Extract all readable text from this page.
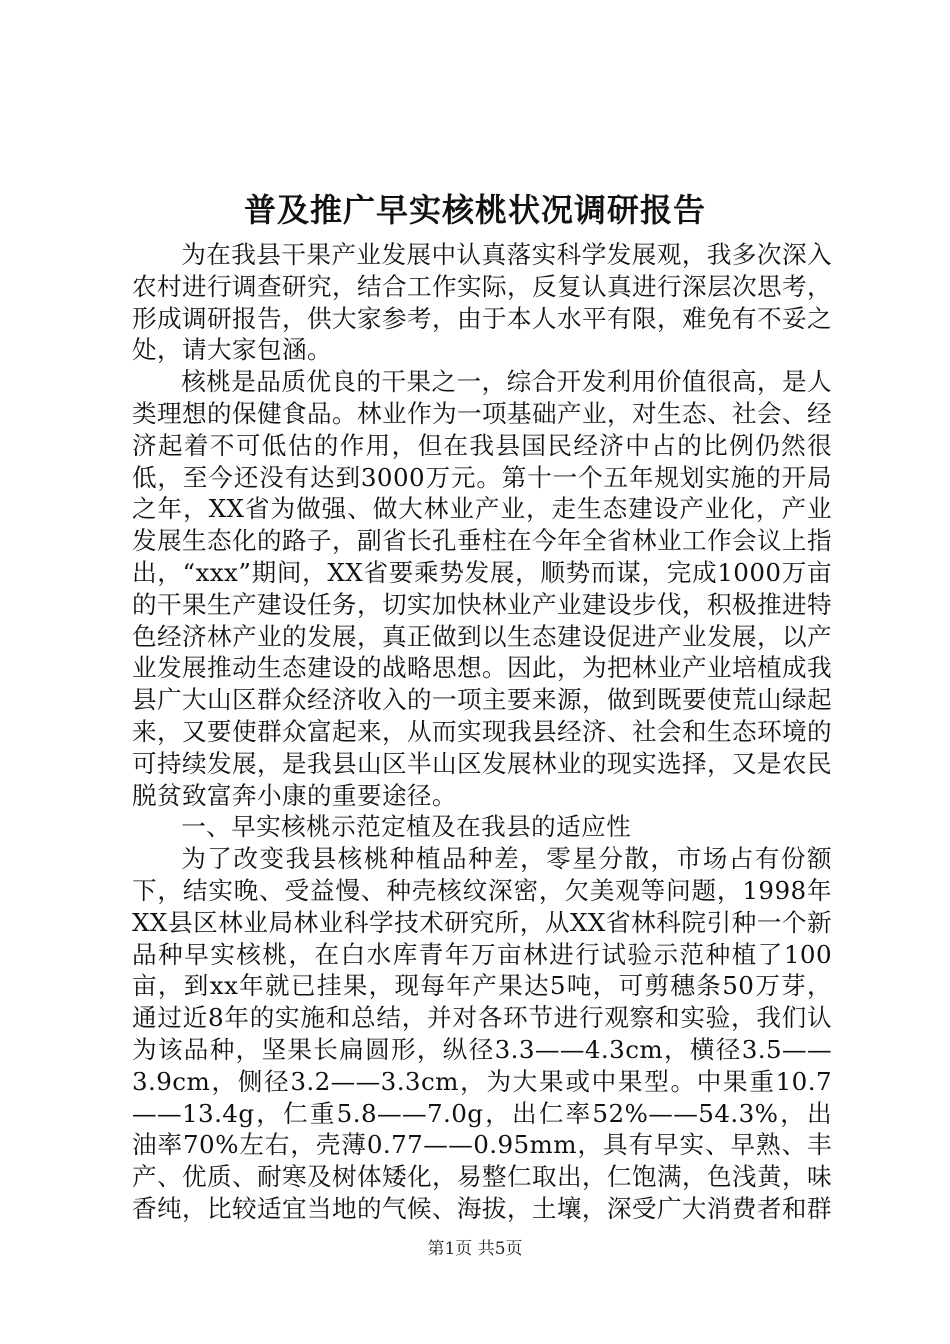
普及推广早实核桃状况调研报告

为在我县干果产业发展中认真落实科学发展观，我多次深入农村进行调查研究，结合工作实际，反复认真进行深层次思考，形成调研报告，供大家参考，由于本人水平有限，难免有不妥之处，请大家包涵。

核桃是品质优良的干果之一，综合开发利用价值很高，是人类理想的保健食品。林业作为一项基础产业，对生态、社会、经济起着不可低估的作用，但在我县国民经济中占的比例仍然很低，至今还没有达到3000万元。第十一个五年规划实施的开局之年，XX省为做强、做大林业产业，走生态建设产业化，产业发展生态化的路子，副省长孔垂柱在今年全省林业工作会议上指出，“xxx”期间，XX省要乘势发展，顺势而谋，完成1000万亩的干果生产建设任务，切实加快林业产业建设步伐，积极推进特色经济林产业的发展，真正做到以生态建设促进产业发展，以产业发展推动生态建设的战略思想。因此，为把林业产业培植成我县广大山区群众经济收入的一项主要来源，做到既要使荒山绿起来，又要使群众富起来，从而实现我县经济、社会和生态环境的可持续发展，是我县山区半山区发展林业的现实选择，又是农民脱贫致富奔小康的重要途径。

一、早实核桃示范定植及在我县的适应性

为了改变我县核桃种植品种差，零星分散，市场占有份额下，结实晚、受益慢、种壳核纹深密，欠美观等问题，1998年XX县区林业局林业科学技术研究所，从XX省林科院引种一个新品种早实核桃，在白水库青年万亩林进行试验示范种植了100亩，到xx年就已挂果，现每年产果达5吨，可剪穗条50万芽，通过近8年的实施和总结，并对各环节进行观察和实验，我们认为该品种，坚果长扁圆形，纵径3.3——4.3cm，横径3.5——3.9cm，侧径3.2——3.3cm，为大果或中果型。中果重10.7——13.4g，仁重5.8——7.0g，出仁率52%——54.3%，出油率70%左右，壳薄0.77——0.95mm，具有早实、早熟、丰产、优质、耐寒及树体矮化，易整仁取出，仁饱满，色浅黄，味香纯，比较适宜当地的气候、海拔，土壤，深受广大消费者和群

第1页 共5页
